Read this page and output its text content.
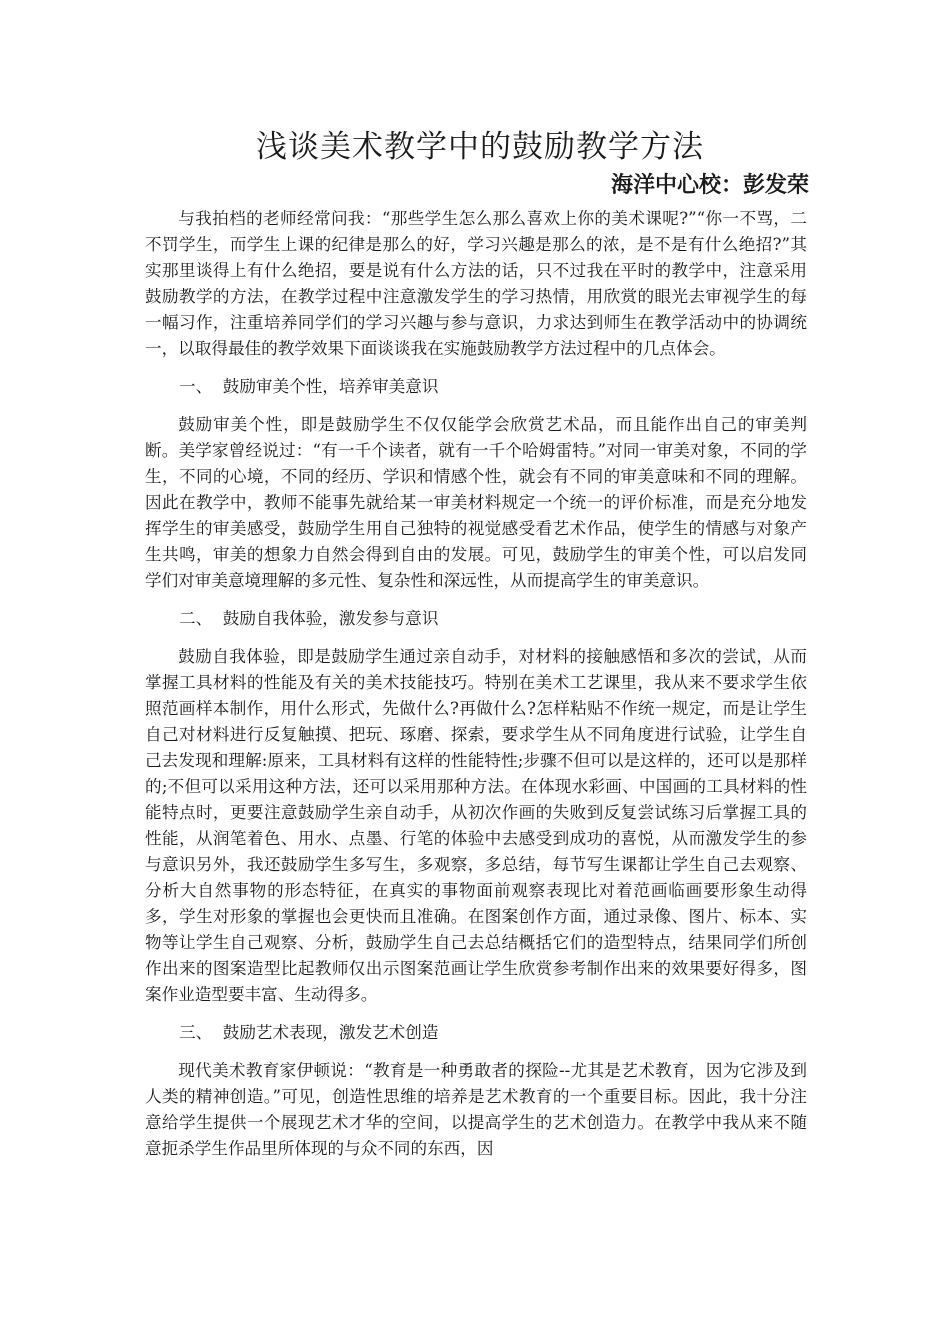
浅谈美术教学中的鼓励教学方法
海洋中心校：彭发荣

与我拍档的老师经常问我：“那些学生怎么那么喜欢上你的美术课呢?”“你一不骂，二不罚学生，而学生上课的纪律是那么的好，学习兴趣是那么的浓，是不是有什么绝招?”其实那里谈得上有什么绝招，要是说有什么方法的话，只不过我在平时的教学中，注意采用鼓励教学的方法，在教学过程中注意激发学生的学习热情，用欣赏的眼光去审视学生的每一幅习作，注重培养同学们的学习兴趣与参与意识，力求达到师生在教学活动中的协调统一，以取得最佳的教学效果下面谈谈我在实施鼓励教学方法过程中的几点体会。

一、  鼓励审美个性，培养审美意识

鼓励审美个性，即是鼓励学生不仅仅能学会欣赏艺术品，而且能作出自己的审美判断。美学家曾经说过：“有一千个读者，就有一千个哈姆雷特。”对同一审美对象，不同的学生，不同的心境，不同的经历、学识和情感个性，就会有不同的审美意味和不同的理解。因此在教学中，教师不能事先就给某一审美材料规定一个统一的评价标准，而是充分地发挥学生的审美感受，鼓励学生用自己独特的视觉感受看艺术作品，使学生的情感与对象产生共鸣，审美的想象力自然会得到自由的发展。可见，鼓励学生的审美个性，可以启发同学们对审美意境理解的多元性、复杂性和深远性，从而提高学生的审美意识。

二、  鼓励自我体验，激发参与意识

鼓励自我体验，即是鼓励学生通过亲自动手，对材料的接触感悟和多次的尝试，从而掌握工具材料的性能及有关的美术技能技巧。特别在美术工艺课里，我从来不要求学生依照范画样本制作，用什么形式，先做什么?再做什么?怎样粘贴不作统一规定，而是让学生自己对材料进行反复触摸、把玩、琢磨、探索，要求学生从不同角度进行试验，让学生自己去发现和理解:原来，工具材料有这样的性能特性;步骤不但可以是这样的，还可以是那样的;不但可以采用这种方法，还可以采用那种方法。在体现水彩画、中国画的工具材料的性能特点时，更要注意鼓励学生亲自动手，从初次作画的失败到反复尝试练习后掌握工具的性能，从润笔着色、用水、点墨、行笔的体验中去感受到成功的喜悦，从而激发学生的参与意识另外，我还鼓励学生多写生，多观察，多总结，每节写生课都让学生自己去观察、分析大自然事物的形态特征，在真实的事物面前观察表现比对着范画临画要形象生动得多，学生对形象的掌握也会更快而且准确。在图案创作方面，通过录像、图片、标本、实物等让学生自己观察、分析，鼓励学生自己去总结概括它们的造型特点，结果同学们所创作出来的图案造型比起教师仅出示图案范画让学生欣赏参考制作出来的效果要好得多，图案作业造型要丰富、生动得多。

三、  鼓励艺术表现，激发艺术创造

现代美术教育家伊顿说：“教育是一种勇敢者的探险--尤其是艺术教育，因为它涉及到人类的精神创造。”可见，创造性思维的培养是艺术教育的一个重要目标。因此，我十分注意给学生提供一个展现艺术才华的空间，以提高学生的艺术创造力。在教学中我从来不随意扼杀学生作品里所体现的与众不同的东西，因
